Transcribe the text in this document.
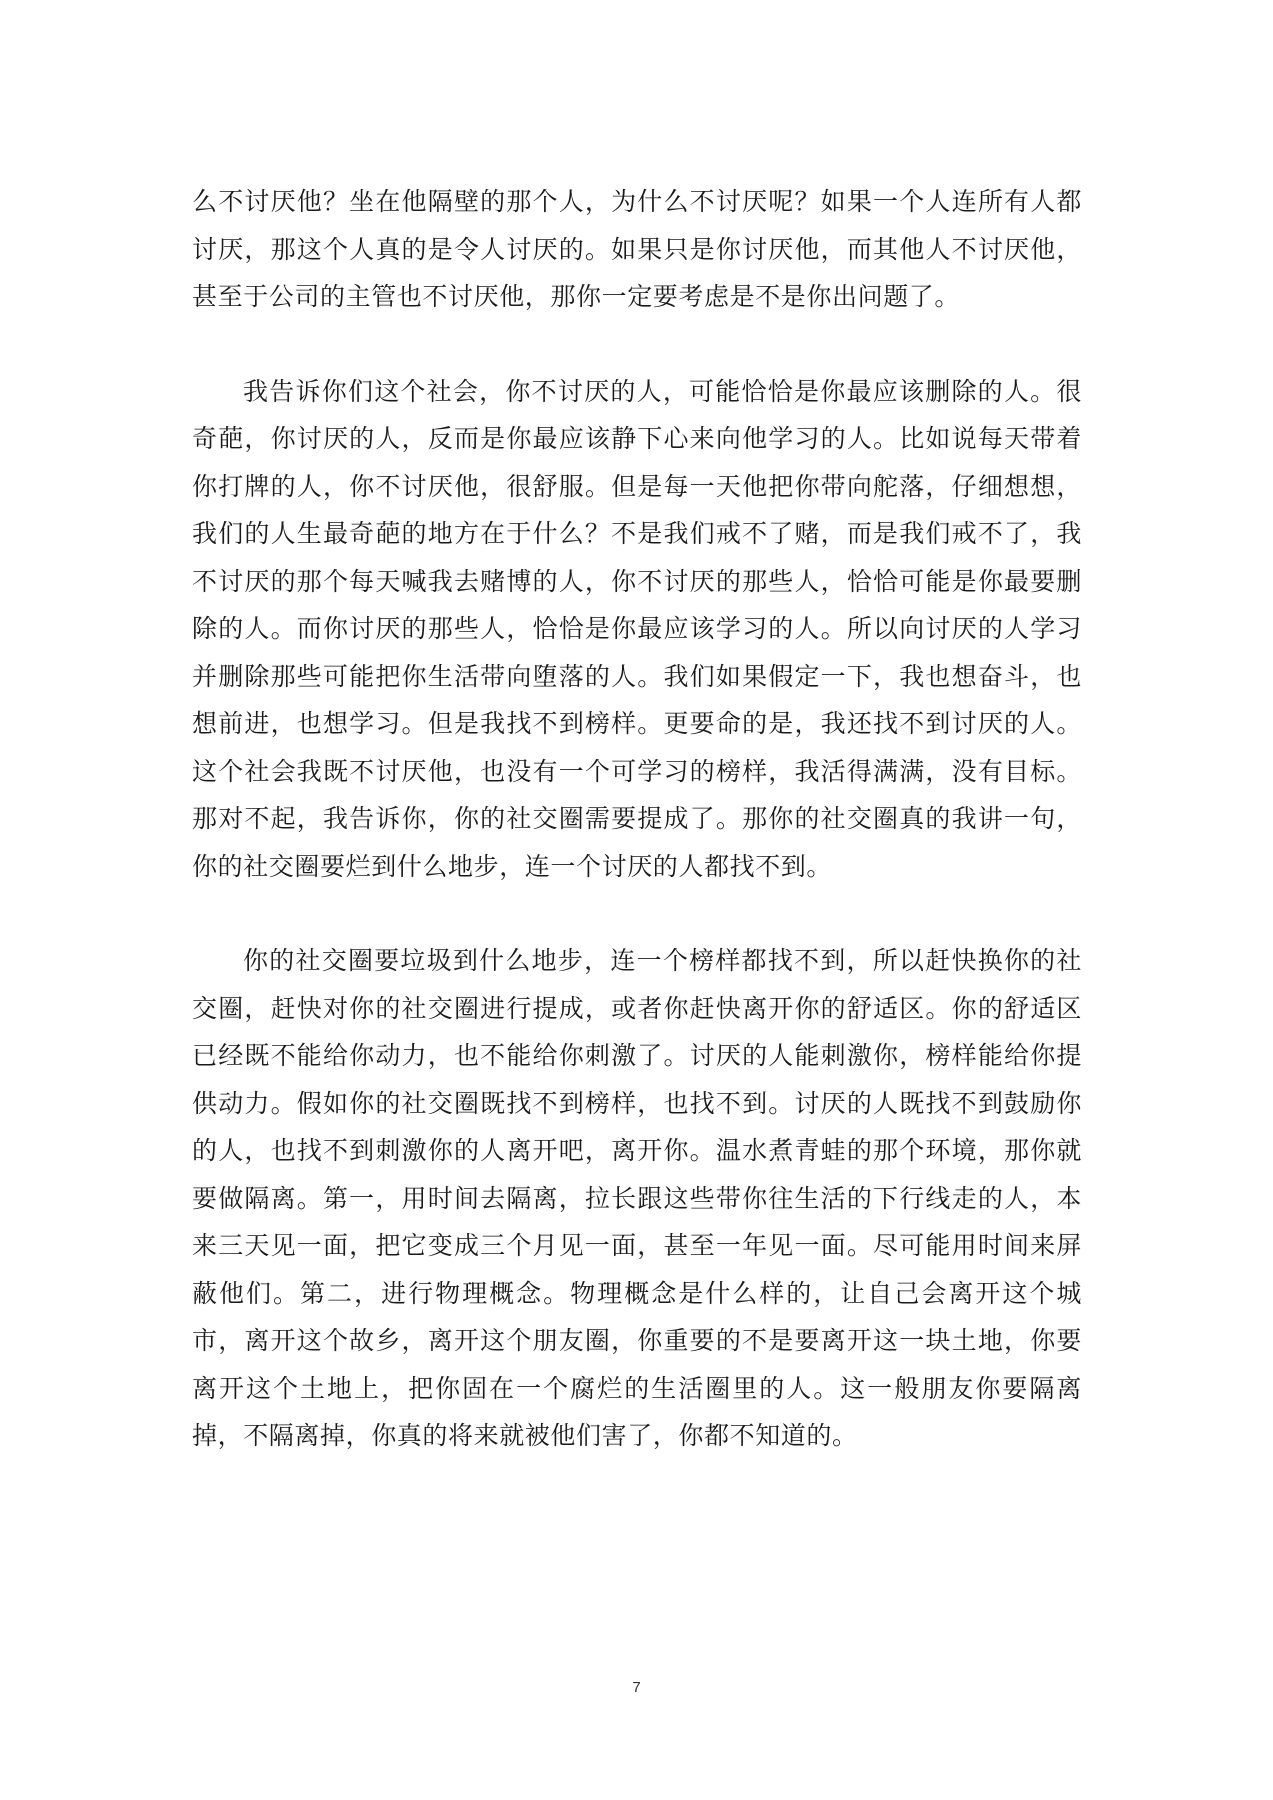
么不讨厌他？坐在他隔壁的那个人，为什么不讨厌呢？如果一个人连所有人都讨厌，那这个人真的是令人讨厌的。如果只是你讨厌他，而其他人不讨厌他，甚至于公司的主管也不讨厌他，那你一定要考虑是不是你出问题了。

我告诉你们这个社会，你不讨厌的人，可能恰恰是你最应该删除的人。很奇葩，你讨厌的人，反而是你最应该静下心来向他学习的人。比如说每天带着你打牌的人，你不讨厌他，很舒服。但是每一天他把你带向舵落，仔细想想，我们的人生最奇葩的地方在于什么？不是我们戒不了赌，而是我们戒不了，我不讨厌的那个每天喊我去赌博的人，你不讨厌的那些人，恰恰可能是你最要删除的人。而你讨厌的那些人，恰恰是你最应该学习的人。所以向讨厌的人学习并删除那些可能把你生活带向堕落的人。我们如果假定一下，我也想奋斗，也想前进，也想学习。但是我找不到榜样。更要命的是，我还找不到讨厌的人。这个社会我既不讨厌他，也没有一个可学习的榜样，我活得满满，没有目标。那对不起，我告诉你，你的社交圈需要提成了。那你的社交圈真的我讲一句，你的社交圈要烂到什么地步，连一个讨厌的人都找不到。

你的社交圈要垃圾到什么地步，连一个榜样都找不到，所以赶快换你的社交圈，赶快对你的社交圈进行提成，或者你赶快离开你的舒适区。你的舒适区已经既不能给你动力，也不能给你刺激了。讨厌的人能刺激你，榜样能给你提供动力。假如你的社交圈既找不到榜样，也找不到。讨厌的人既找不到鼓励你的人，也找不到刺激你的人离开吧，离开你。温水煮青蛙的那个环境，那你就要做隔离。第一，用时间去隔离，拉长跟这些带你往生活的下行线走的人，本来三天见一面，把它变成三个月见一面，甚至一年见一面。尽可能用时间来屏蔽他们。第二，进行物理概念。物理概念是什么样的，让自己会离开这个城市，离开这个故乡，离开这个朋友圈，你重要的不是要离开这一块土地，你要离开这个土地上，把你固在一个腐烂的生活圈里的人。这一般朋友你要隔离掉，不隔离掉，你真的将来就被他们害了，你都不知道的。

7
